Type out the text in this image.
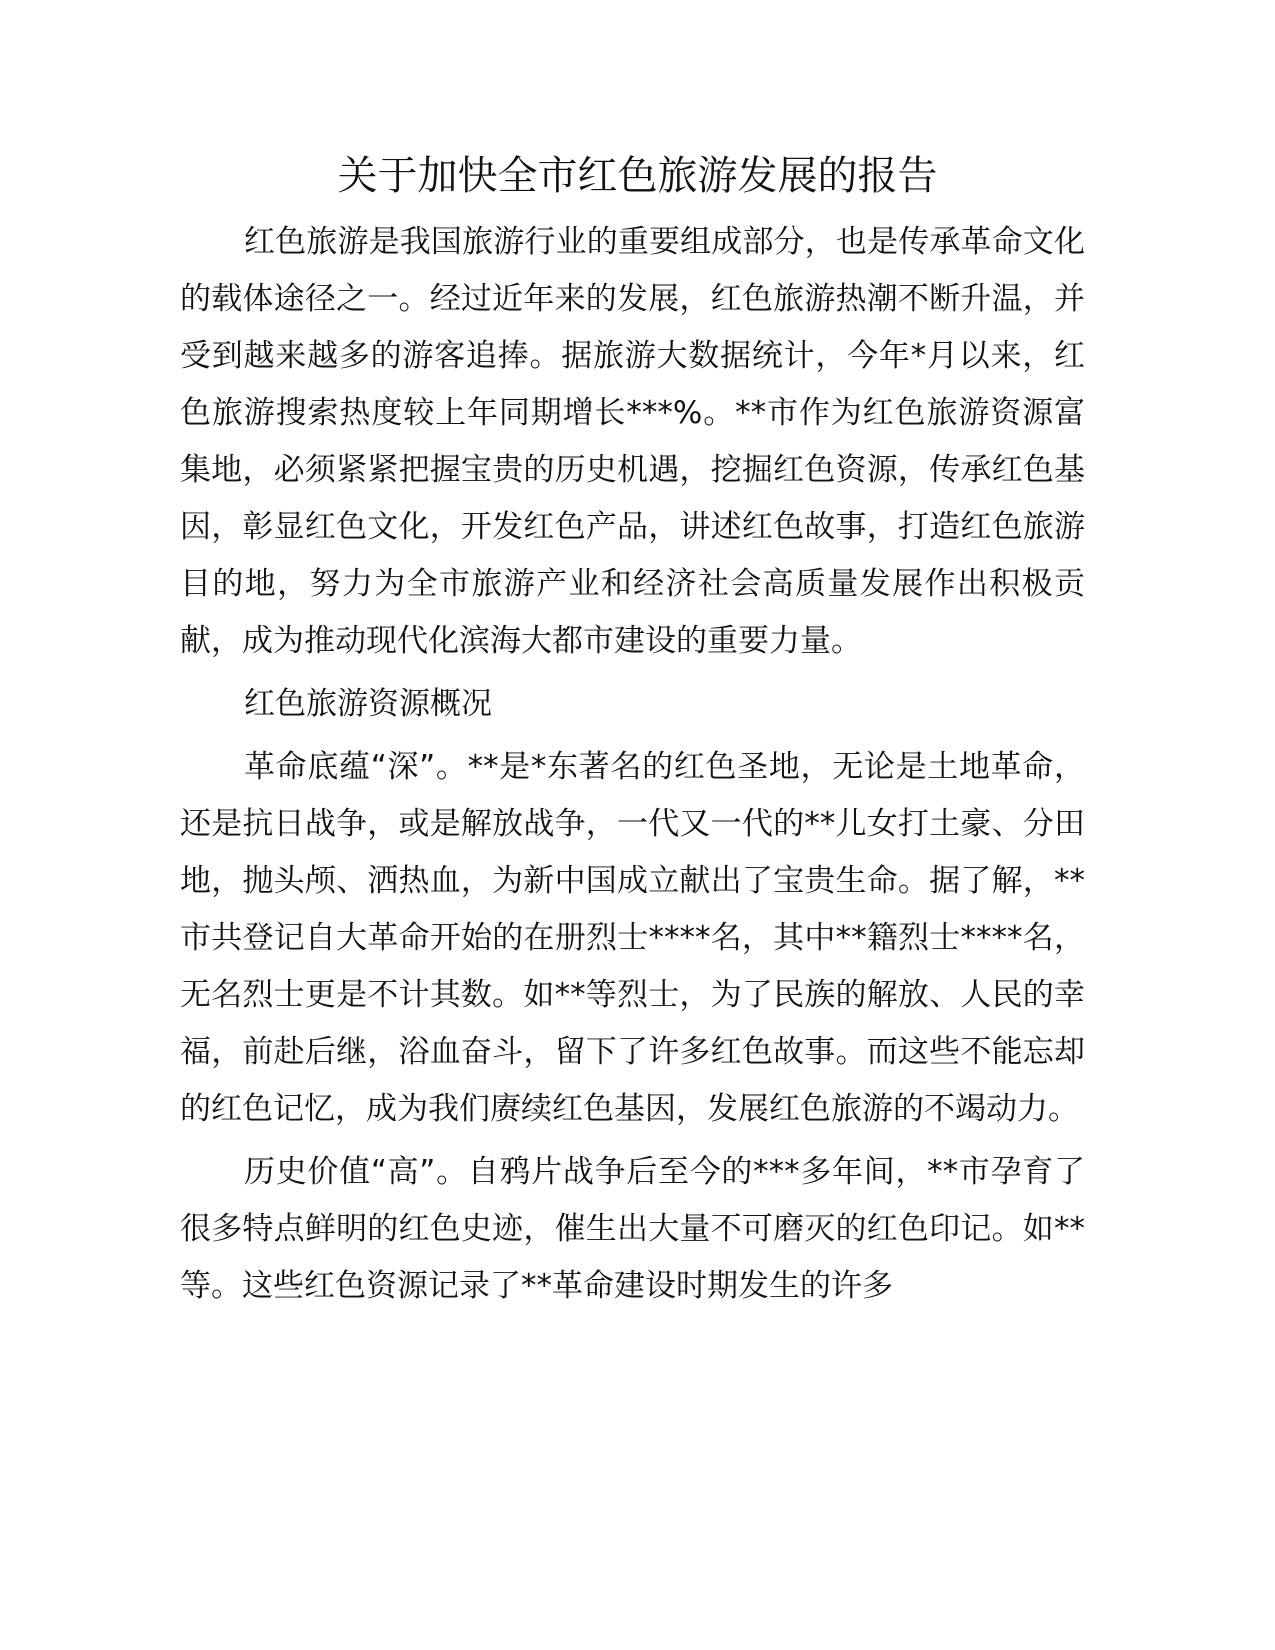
关于加快全市红色旅游发展的报告

红色旅游是我国旅游行业的重要组成部分，也是传承革命文化的载体途径之一。经过近年来的发展，红色旅游热潮不断升温，并受到越来越多的游客追捧。据旅游大数据统计，今年*月以来，红色旅游搜索热度较上年同期增长***%。**市作为红色旅游资源富集地，必须紧紧把握宝贵的历史机遇，挖掘红色资源，传承红色基因，彰显红色文化，开发红色产品，讲述红色故事，打造红色旅游目的地，努力为全市旅游产业和经济社会高质量发展作出积极贡献，成为推动现代化滨海大都市建设的重要力量。

红色旅游资源概况

革命底蕴“深”。**是*东著名的红色圣地，无论是土地革命，还是抗日战争，或是解放战争，一代又一代的**儿女打土豪、分田地，抛头颅、洒热血，为新中国成立献出了宝贵生命。据了解，**市共登记自大革命开始的在册烈士****名，其中**籍烈士****名，无名烈士更是不计其数。如**等烈士，为了民族的解放、人民的幸福，前赴后继，浴血奋斗，留下了许多红色故事。而这些不能忘却的红色记忆，成为我们赓续红色基因，发展红色旅游的不竭动力。

历史价值“高”。自鸦片战争后至今的***多年间，**市孕育了很多特点鲜明的红色史迹，催生出大量不可磨灭的红色印记。如**等。这些红色资源记录了**革命建设时期发生的许多
